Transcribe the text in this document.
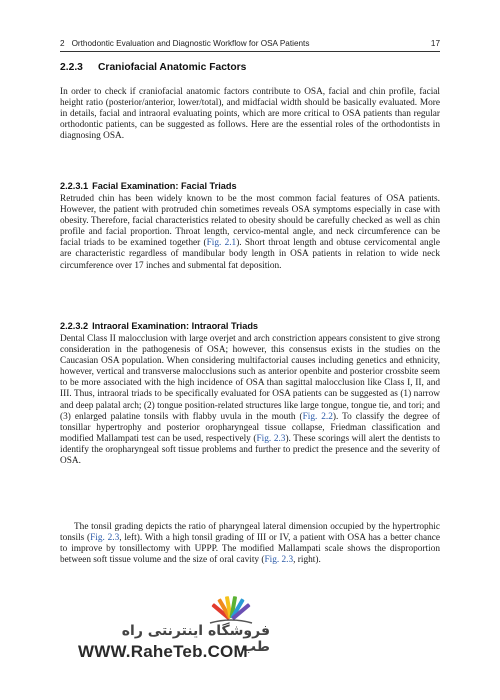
2 Orthodontic Evaluation and Diagnostic Workflow for OSA Patients	17
2.2.3 Craniofacial Anatomic Factors

In order to check if craniofacial anatomic factors contribute to OSA, facial and chin profile, facial height ratio (posterior/anterior, lower/total), and midfacial width should be basically evaluated. More in details, facial and intraoral evaluating points, which are more critical to OSA patients than regular orthodontic patients, can be suggested as follows. Here are the essential roles of the orthodontists in diagnosing OSA.

2.2.3.1 Facial Examination: Facial Triads

Retruded chin has been widely known to be the most common facial features of OSA patients. However, the patient with protruded chin sometimes reveals OSA symptoms especially in case with obesity. Therefore, facial characteristics related to obesity should be carefully checked as well as chin profile and facial proportion. Throat length, cervico-mental angle, and neck circumference can be facial triads to be examined together (Fig. 2.1). Short throat length and obtuse cervicomental angle are characteristic regardless of mandibular body length in OSA patients in relation to wide neck circumference over 17 inches and submental fat deposition.

2.2.3.2 Intraoral Examination: Intraoral Triads

Dental Class II malocclusion with large overjet and arch constriction appears consistent to give strong consideration in the pathogenesis of OSA; however, this consensus exists in the studies on the Caucasian OSA population. When considering multifactorial causes including genetics and ethnicity, however, vertical and transverse malocclusions such as anterior openbite and posterior crossbite seem to be more associated with the high incidence of OSA than sagittal malocclusion like Class I, II, and III. Thus, intraoral triads to be specifically evaluated for OSA patients can be suggested as (1) narrow and deep palatal arch; (2) tongue position-related structures like large tongue, tongue tie, and tori; and (3) enlarged palatine tonsils with flabby uvula in the mouth (Fig. 2.2). To classify the degree of tonsillar hypertrophy and posterior oropharyngeal tissue collapse, Friedman classification and modified Mallampati test can be used, respectively (Fig. 2.3). These scorings will alert the dentists to identify the oropharyngeal soft tissue problems and further to predict the presence and the severity of OSA.

The tonsil grading depicts the ratio of pharyngeal lateral dimension occupied by the hypertrophic tonsils (Fig. 2.3, left). With a high tonsil grading of III or IV, a patient with OSA has a better chance to improve by tonsillectomy with UPPP. The modified Mallampati scale shows the disproportion between soft tissue volume and the size of oral cavity (Fig. 2.3, right).

فروشگاه اینترنتی راه طب
WWW.RaheTeb.COM
